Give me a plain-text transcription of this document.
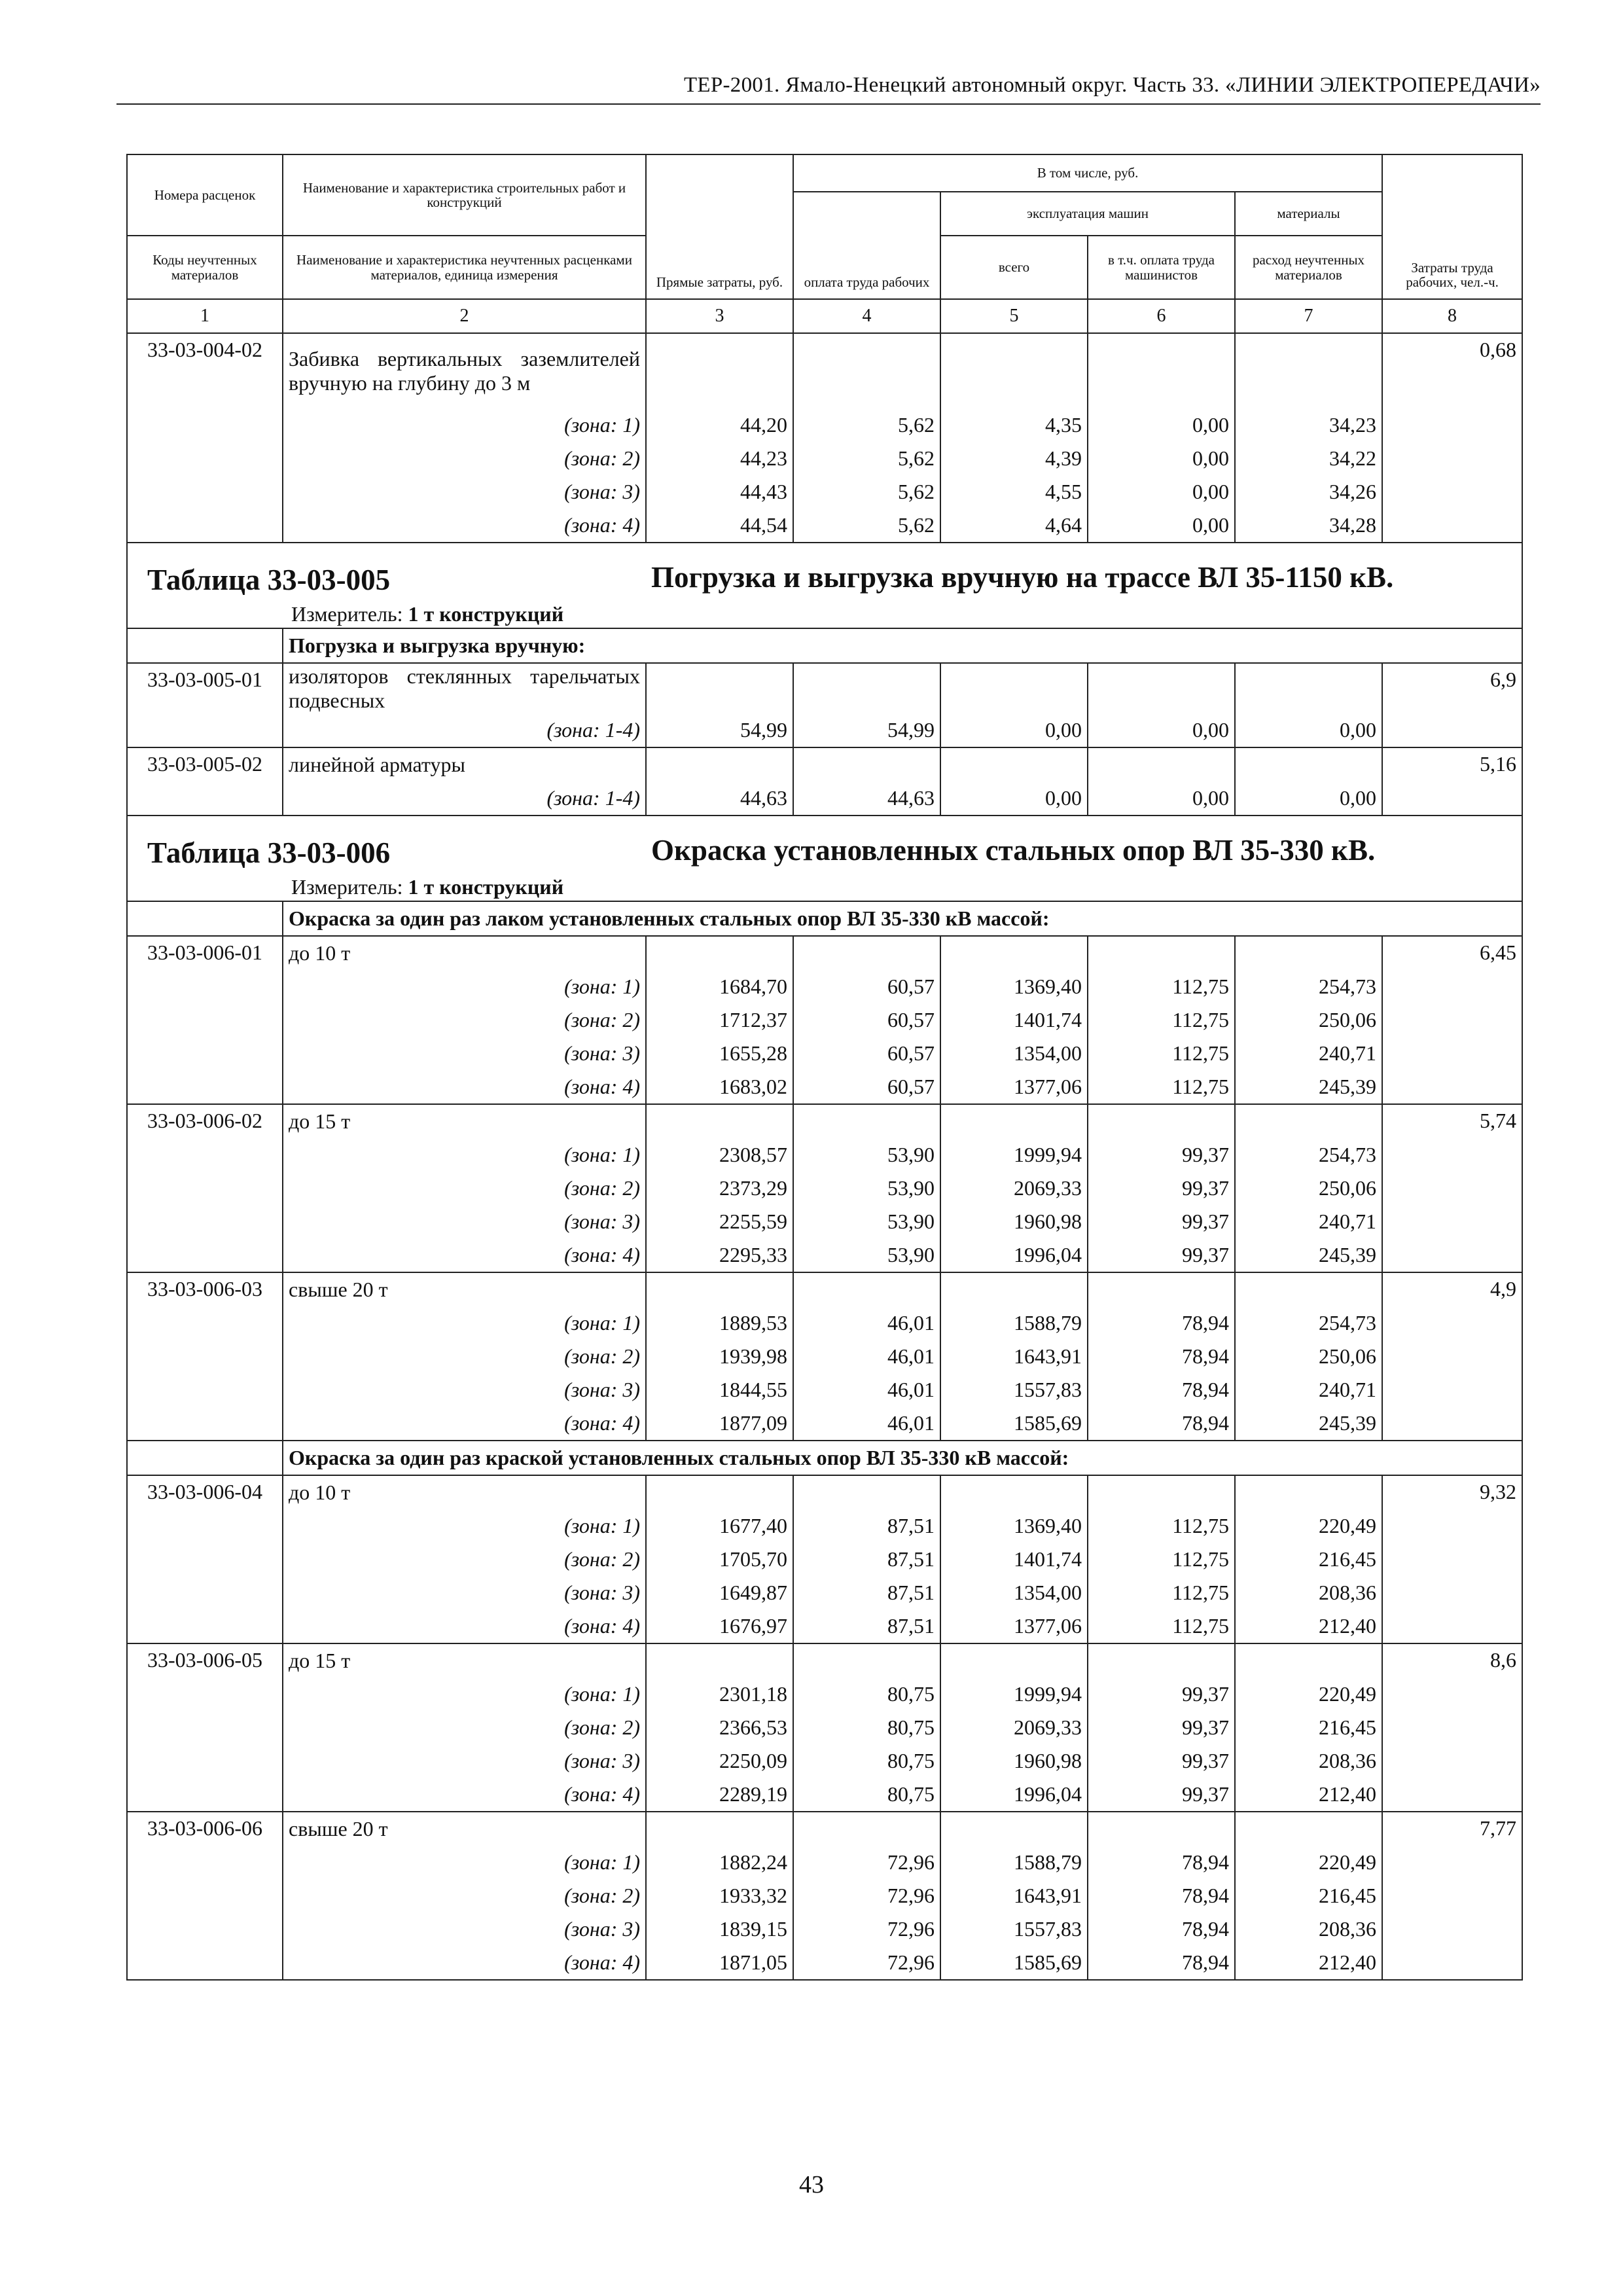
ТЕР-2001. Ямало-Ненецкий автономный округ. Часть 33. «ЛИНИИ ЭЛЕКТРОПЕРЕДАЧИ»
Номера расценок	Наименование и характеристика строительных работ и конструкций	Прямые затраты, руб.	В том числе, руб.				Затраты труда рабочих, чел.-ч.
			оплата труда рабочих	эксплуатация машин		материалы	
Коды неучтенных материалов	Наименование и характеристика неучтенных расценками материалов, единица измерения			всего	в т.ч. оплата труда машинистов	расход неучтенных материалов	

1	2	3	4	5	6	7	8
33-03-004-02	Забивка вертикальных заземлителей вручную на глубину до 3 м						0,68
	(зона: 1)	44,20	5,62	4,35	0,00	34,23	
	(зона: 2)	44,23	5,62	4,39	0,00	34,22	
	(зона: 3)	44,43	5,62	4,55	0,00	34,26	
	(зона: 4)	44,54	5,62	4,64	0,00	34,28	

Таблица 33-03-005 Погрузка и выгрузка вручную на трассе ВЛ 35-1150 кВ.
Измеритель: 1 т конструкций							

	Погрузка и выгрузка вручную:						
33-03-005-01	изоляторов стеклянных тарельчатых подвесных						6,9
	(зона: 1-4)	54,99	54,99	0,00	0,00	0,00	
33-03-005-02	линейной арматуры						5,16
	(зона: 1-4)	44,63	44,63	0,00	0,00	0,00	

Таблица 33-03-006 Окраска установленных стальных опор ВЛ 35-330 кВ.
Измеритель: 1 т конструкций							

	Окраска за один раз лаком установленных стальных опор ВЛ 35-330 кВ массой:						
33-03-006-01	до 10 т						6,45
	(зона: 1)	1684,70	60,57	1369,40	112,75	254,73	
	(зона: 2)	1712,37	60,57	1401,74	112,75	250,06	
	(зона: 3)	1655,28	60,57	1354,00	112,75	240,71	
	(зона: 4)	1683,02	60,57	1377,06	112,75	245,39	
33-03-006-02	до 15 т						5,74
	(зона: 1)	2308,57	53,90	1999,94	99,37	254,73	
	(зона: 2)	2373,29	53,90	2069,33	99,37	250,06	
	(зона: 3)	2255,59	53,90	1960,98	99,37	240,71	
	(зона: 4)	2295,33	53,90	1996,04	99,37	245,39	
33-03-006-03	свыше 20 т						4,9
	(зона: 1)	1889,53	46,01	1588,79	78,94	254,73	
	(зона: 2)	1939,98	46,01	1643,91	78,94	250,06	
	(зона: 3)	1844,55	46,01	1557,83	78,94	240,71	
	(зона: 4)	1877,09	46,01	1585,69	78,94	245,39	
	Окраска за один раз краской установленных стальных опор ВЛ 35-330 кВ массой:						
33-03-006-04	до 10 т						9,32
	(зона: 1)	1677,40	87,51	1369,40	112,75	220,49	
	(зона: 2)	1705,70	87,51	1401,74	112,75	216,45	
	(зона: 3)	1649,87	87,51	1354,00	112,75	208,36	
	(зона: 4)	1676,97	87,51	1377,06	112,75	212,40	
33-03-006-05	до 15 т						8,6
	(зона: 1)	2301,18	80,75	1999,94	99,37	220,49	
	(зона: 2)	2366,53	80,75	2069,33	99,37	216,45	
	(зона: 3)	2250,09	80,75	1960,98	99,37	208,36	
	(зона: 4)	2289,19	80,75	1996,04	99,37	212,40	
33-03-006-06	свыше 20 т						7,77
	(зона: 1)	1882,24	72,96	1588,79	78,94	220,49	
	(зона: 2)	1933,32	72,96	1643,91	78,94	216,45	
	(зона: 3)	1839,15	72,96	1557,83	78,94	208,36	
	(зона: 4)	1871,05	72,96	1585,69	78,94	212,40	
43
